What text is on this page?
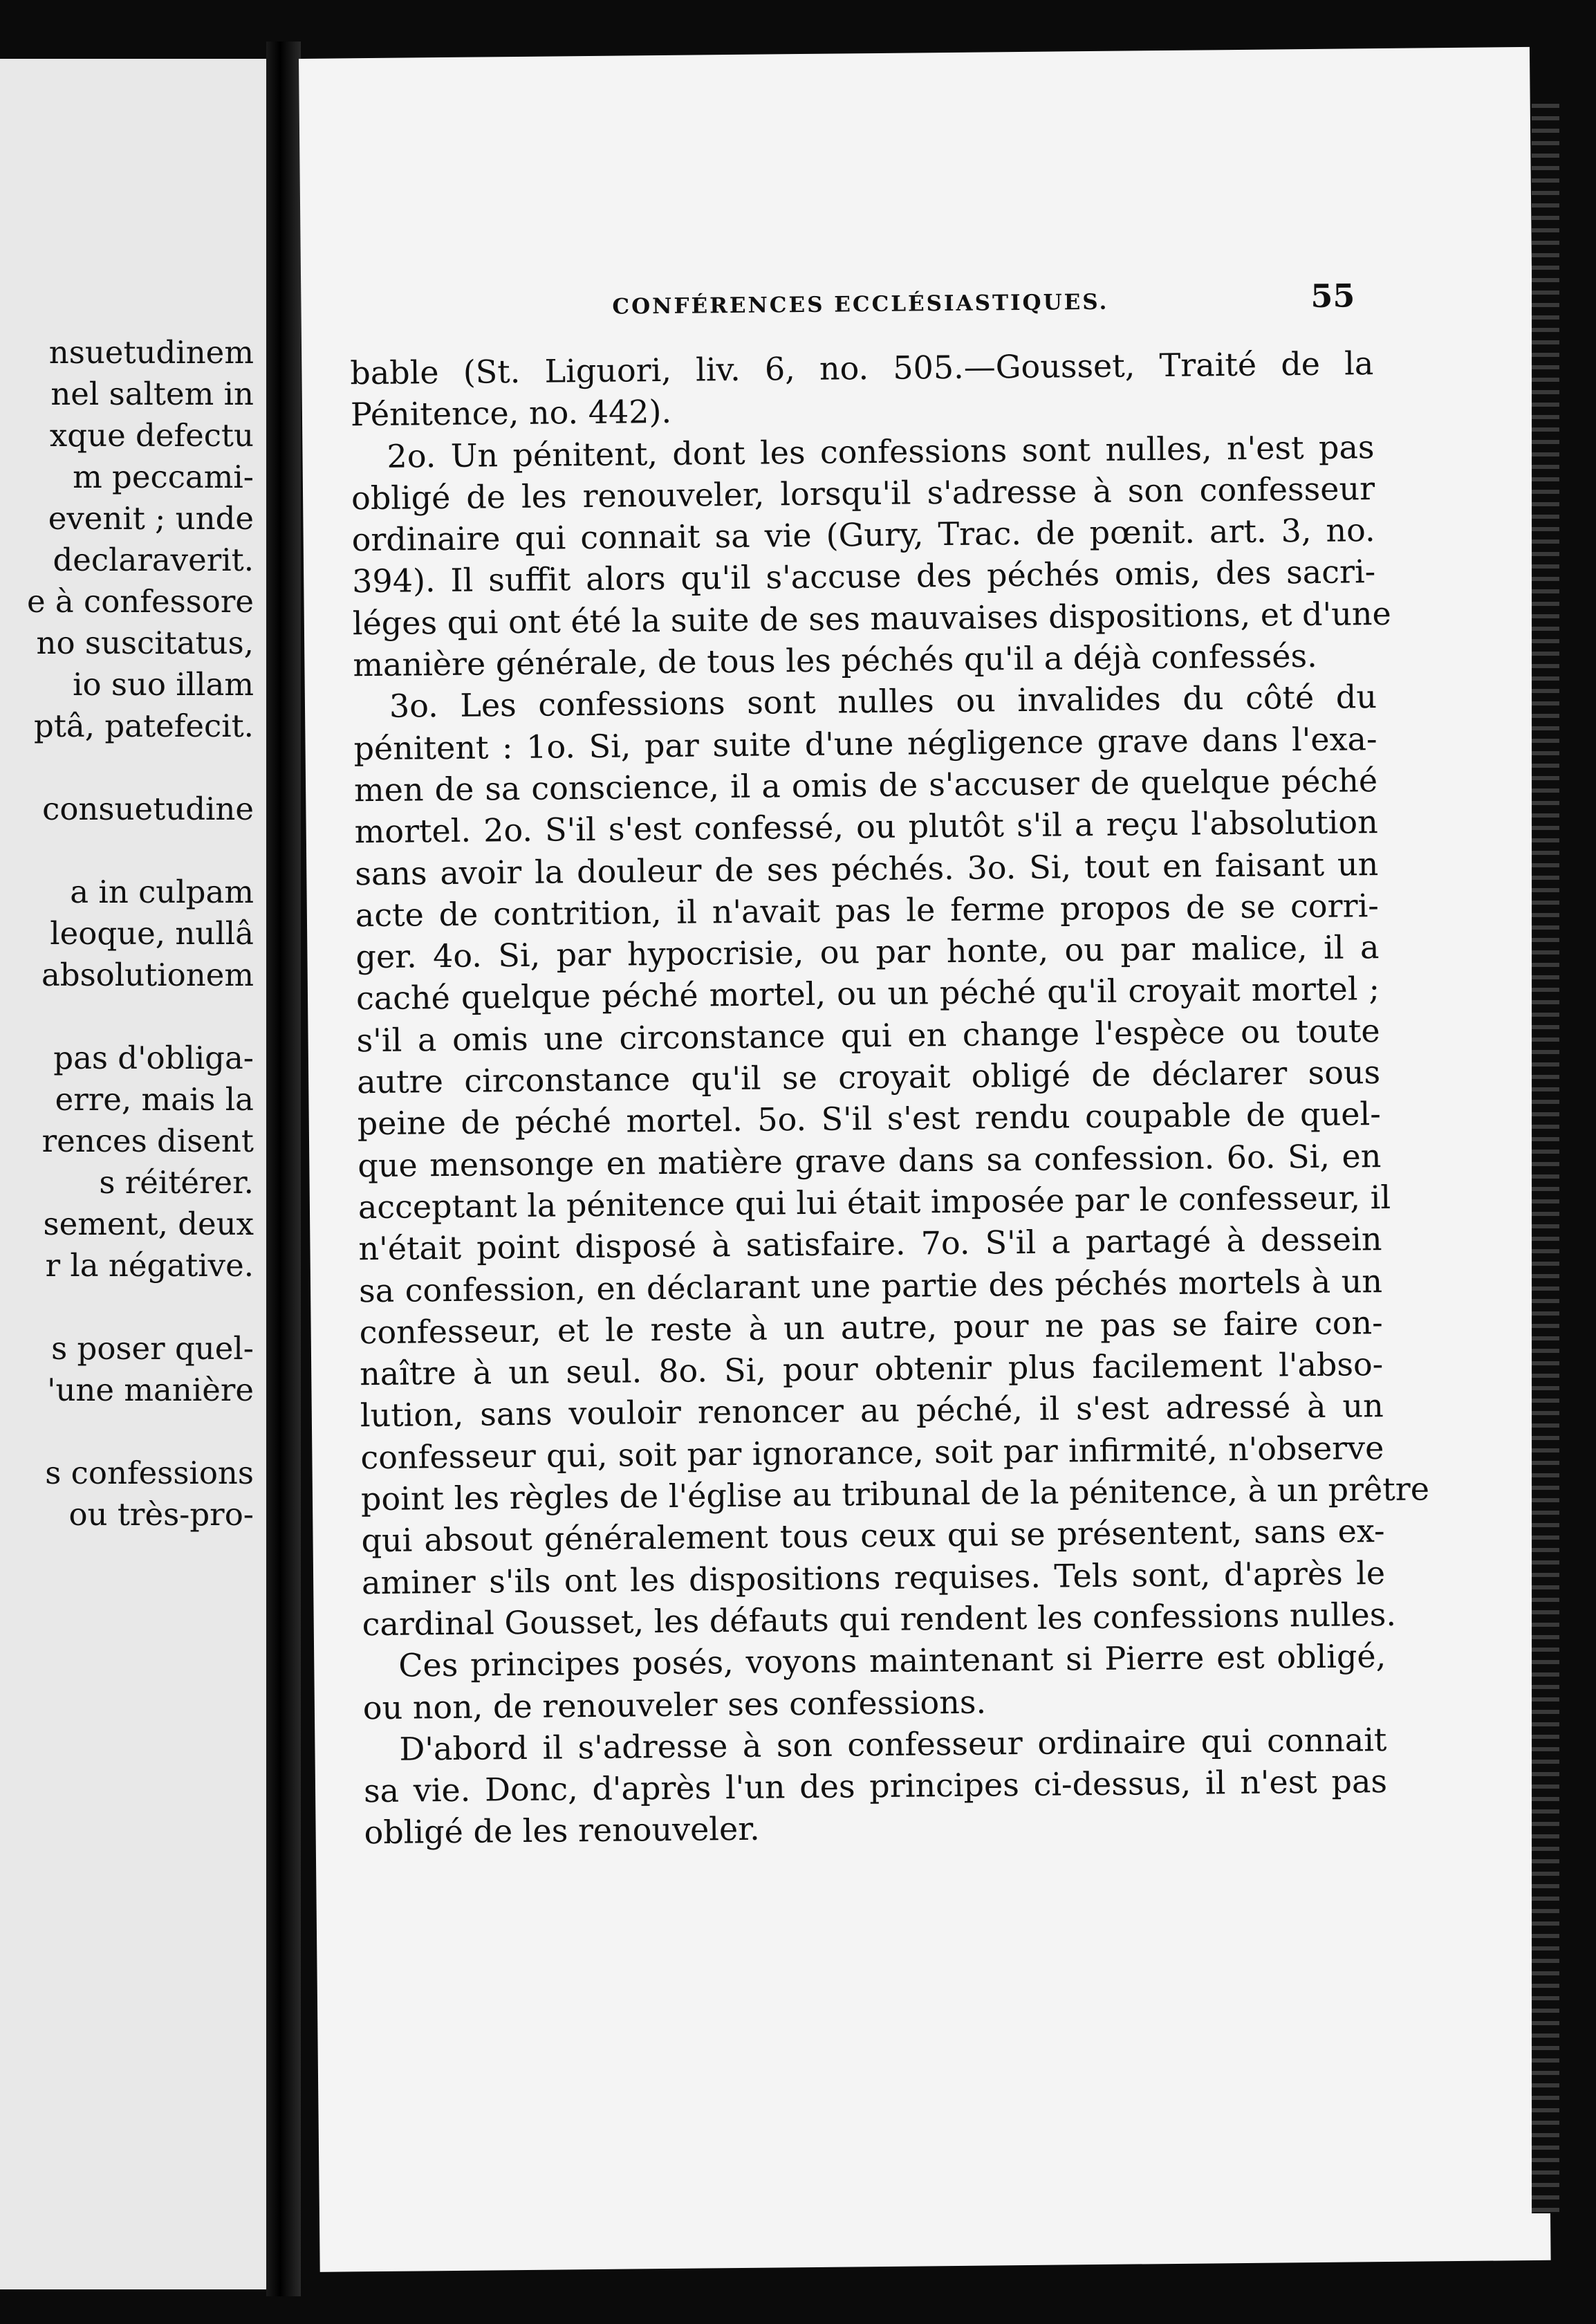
nsuetudinem
nel saltem in
xque defectu
m peccami-
evenit ; unde
declaraverit.
e à confessore
no suscitatus,
io suo illam
ptâ, patefecit.
consuetudine
a in culpam
leoque, nullâ
absolutionem
pas d'obliga-
erre, mais la
rences disent
s réitérer.
sement, deux
r la négative.
s poser quel-
'une manière
s confessions
ou très-pro-
CONFÉRENCES ECCLÉSIASTIQUES.	55
bable (St. Liguori, liv. 6, no. 505.—Gousset, Traité de la
Pénitence, no. 442).
2o. Un pénitent, dont les confessions sont nulles, n'est pas
obligé de les renouveler, lorsqu'il s'adresse à son confesseur
ordinaire qui connait sa vie (Gury, Trac. de pœnit. art. 3, no.
394). Il suffit alors qu'il s'accuse des péchés omis, des sacri-
léges qui ont été la suite de ses mauvaises dispositions, et d'une
manière générale, de tous les péchés qu'il a déjà confessés.
3o. Les confessions sont nulles ou invalides du côté du
pénitent : 1o. Si, par suite d'une négligence grave dans l'exa-
men de sa conscience, il a omis de s'accuser de quelque péché
mortel. 2o. S'il s'est confessé, ou plutôt s'il a reçu l'absolution
sans avoir la douleur de ses péchés. 3o. Si, tout en faisant un
acte de contrition, il n'avait pas le ferme propos de se corri-
ger. 4o. Si, par hypocrisie, ou par honte, ou par malice, il a
caché quelque péché mortel, ou un péché qu'il croyait mortel ;
s'il a omis une circonstance qui en change l'espèce ou toute
autre circonstance qu'il se croyait obligé de déclarer sous
peine de péché mortel. 5o. S'il s'est rendu coupable de quel-
que mensonge en matière grave dans sa confession. 6o. Si, en
acceptant la pénitence qui lui était imposée par le confesseur, il
n'était point disposé à satisfaire. 7o. S'il a partagé à dessein
sa confession, en déclarant une partie des péchés mortels à un
confesseur, et le reste à un autre, pour ne pas se faire con-
naître à un seul. 8o. Si, pour obtenir plus facilement l'abso-
lution, sans vouloir renoncer au péché, il s'est adressé à un
confesseur qui, soit par ignorance, soit par infirmité, n'observe
point les règles de l'église au tribunal de la pénitence, à un prêtre
qui absout généralement tous ceux qui se présentent, sans ex-
aminer s'ils ont les dispositions requises. Tels sont, d'après le
cardinal Gousset, les défauts qui rendent les confessions nulles.
Ces principes posés, voyons maintenant si Pierre est obligé,
ou non, de renouveler ses confessions.
D'abord il s'adresse à son confesseur ordinaire qui connait
sa vie. Donc, d'après l'un des principes ci-dessus, il n'est pas
obligé de les renouveler.
